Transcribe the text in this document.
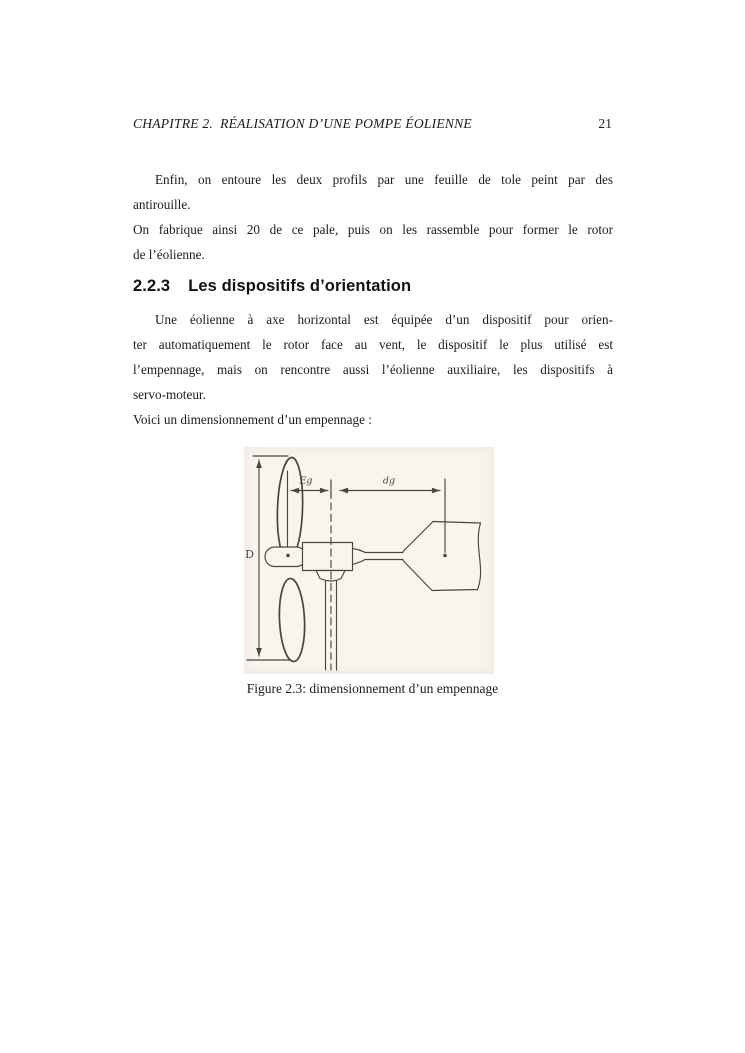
CHAPITRE 2.  RÉALISATION D’UNE POMPE ÉOLIENNE	21
Enfin, on entoure les deux profils par une feuille de tole peint par des
antirouille.
On fabrique ainsi 20 de ce pale, puis on les rassemble pour former le rotor
de l’éolienne.
2.2.3 Les dispositifs d’orientation
Une éolienne à axe horizontal est équipée d’un dispositif pour orien-
ter automatiquement le rotor face au vent, le dispositif le plus utilisé est
l’empennage, mais on rencontre aussi l’éolienne auxiliaire, les dispositifs à
servo-moteur.
Voici un dimensionnement d’un empennage :
D
Eg	dg
Figure 2.3: dimensionnement d’un empennage
